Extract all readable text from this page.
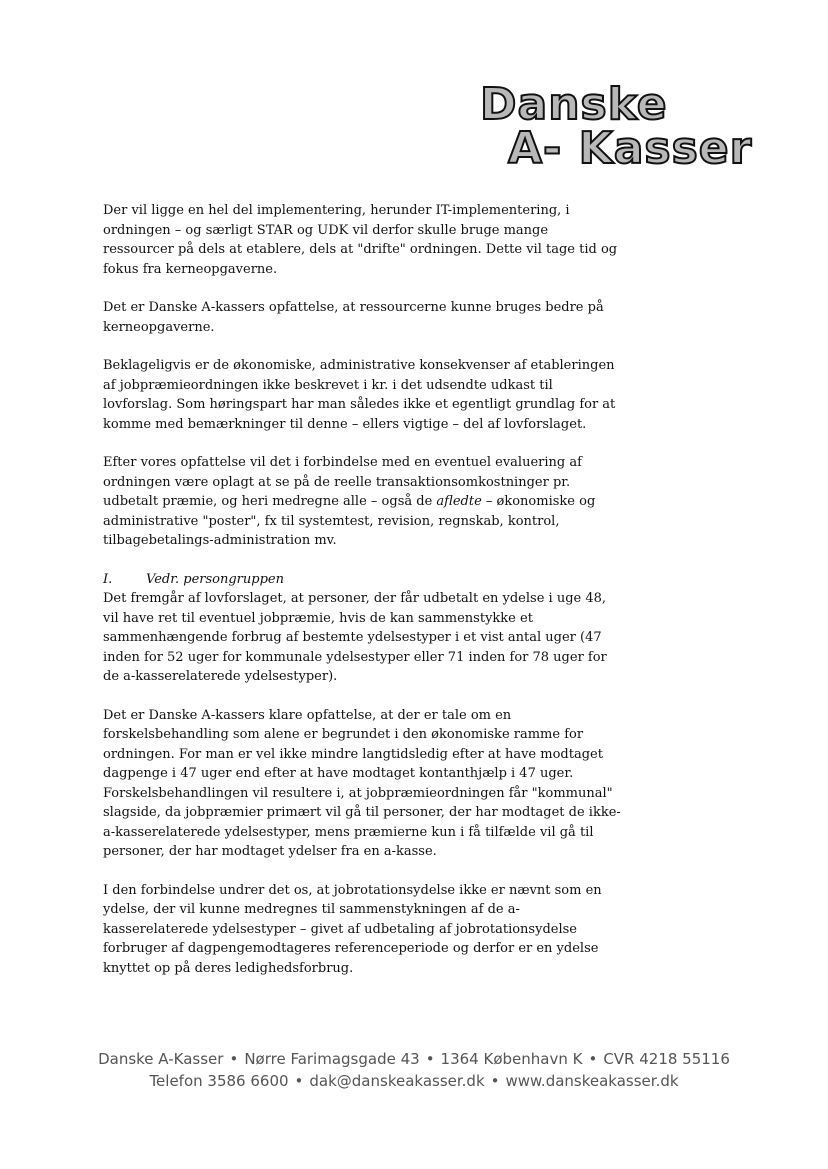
Danske
A- Kasser

Der vil ligge en hel del implementering, herunder IT-implementering, i ordningen – og særligt STAR og UDK vil derfor skulle bruge mange ressourcer på dels at etablere, dels at "drifte" ordningen. Dette vil tage tid og fokus fra kerneopgaverne.

Det er Danske A-kassers opfattelse, at ressourcerne kunne bruges bedre på kerneopgaverne.

Beklageligvis er de økonomiske, administrative konsekvenser af etableringen af jobpræmieordningen ikke beskrevet i kr. i det udsendte udkast til lovforslag. Som høringspart har man således ikke et egentligt grundlag for at komme med bemærkninger til denne – ellers vigtige – del af lovforslaget.

Efter vores opfattelse vil det i forbindelse med en eventuel evaluering af ordningen være oplagt at se på de reelle transaktionsomkostninger pr. udbetalt præmie, og heri medregne alle – også de afledte – økonomiske og administrative "poster", fx til systemtest, revision, regnskab, kontrol, tilbagebetalings-administration mv.

I.	Vedr. persongruppen

Det fremgår af lovforslaget, at personer, der får udbetalt en ydelse i uge 48, vil have ret til eventuel jobpræmie, hvis de kan sammenstykke et sammenhængende forbrug af bestemte ydelsestyper i et vist antal uger (47 inden for 52 uger for kommunale ydelsestyper eller 71 inden for 78 uger for de a-kasserelaterede ydelsestyper).

Det er Danske A-kassers klare opfattelse, at der er tale om en forskelsbehandling som alene er begrundet i den økonomiske ramme for ordningen. For man er vel ikke mindre langtidsledig efter at have modtaget dagpenge i 47 uger end efter at have modtaget kontanthjælp i 47 uger. Forskelsbehandlingen vil resultere i, at jobpræmieordningen får "kommunal" slagside, da jobpræmier primært vil gå til personer, der har modtaget de ikke-a-kasserelaterede ydelsestyper, mens præmierne kun i få tilfælde vil gå til personer, der har modtaget ydelser fra en a-kasse.

I den forbindelse undrer det os, at jobrotationsydelse ikke er nævnt som en ydelse, der vil kunne medregnes til sammenstykningen af de a-kasserelaterede ydelsestyper – givet af udbetaling af jobrotationsydelse forbruger af dagpengemodtageres referenceperiode og derfor er en ydelse knyttet op på deres ledighedsforbrug.

Danske A-Kasser • Nørre Farimagsgade 43 • 1364 København K • CVR 4218 55116
Telefon 3586 6600 • dak@danskeakasser.dk • www.danskeakasser.dk
